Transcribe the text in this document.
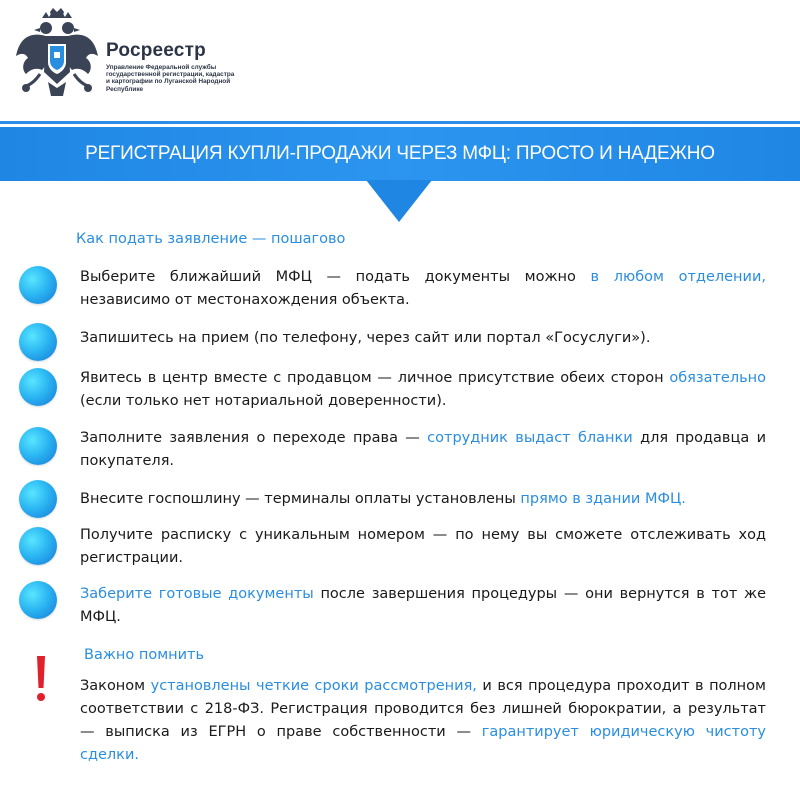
Росреестр
Управление Федеральной службы государственной регистрации, кадастра и картографии по Луганской Народной Республике
РЕГИСТРАЦИЯ КУПЛИ-ПРОДАЖИ ЧЕРЕЗ МФЦ: ПРОСТО И НАДЕЖНО
Как подать заявление — пошагово
Выберите ближайший МФЦ — подать документы можно в любом отделении, независимо от местонахождения объекта.
Запишитесь на прием (по телефону, через сайт или портал «Госуслуги»).
Явитесь в центр вместе с продавцом — личное присутствие обеих сторон обязательно (если только нет нотариальной доверенности).
Заполните заявления о переходе права — сотрудник выдаст бланки для продавца и покупателя.
Внесите госпошлину — терминалы оплаты установлены прямо в здании МФЦ.
Получите расписку с уникальным номером — по нему вы сможете отслеживать ход регистрации.
Заберите готовые документы после завершения процедуры — они вернутся в тот же МФЦ.
Важно помнить
Законом установлены четкие сроки рассмотрения, и вся процедура проходит в полном соответствии с 218-ФЗ. Регистрация проводится без лишней бюрократии, а результат — выписка из ЕГРН о праве собственности — гарантирует юридическую чистоту сделки.
